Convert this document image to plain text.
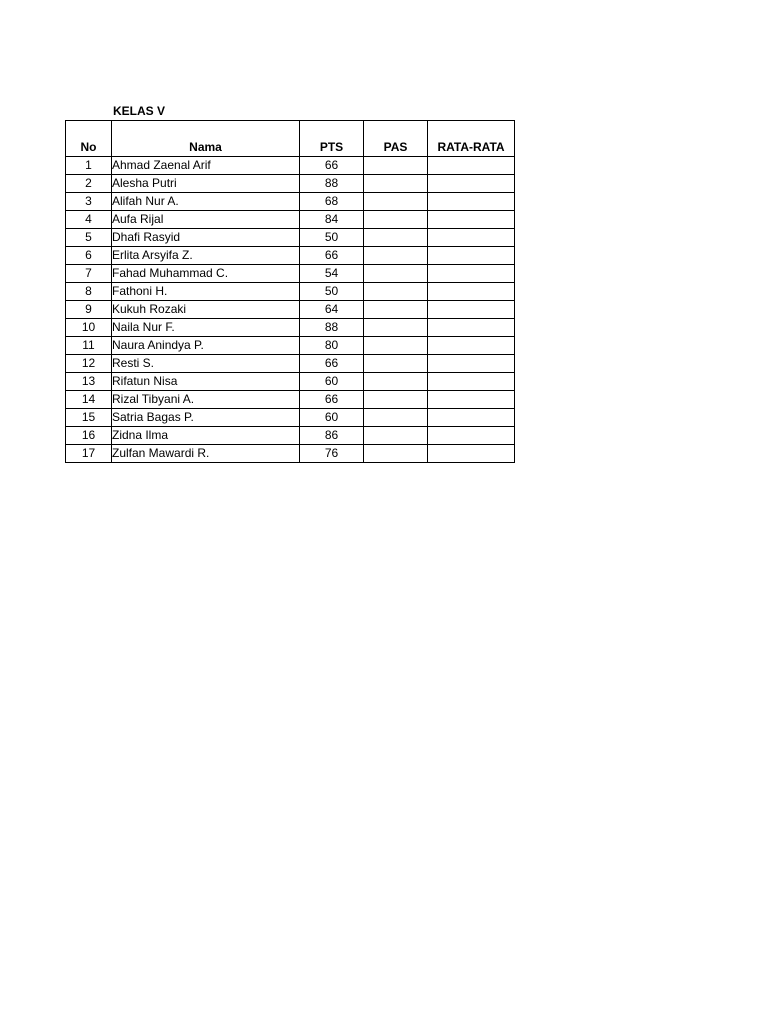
KELAS V
No	Nama	PTS	PAS	RATA-RATA
1	Ahmad Zaenal Arif	66		
2	Alesha Putri	88		
3	Alifah Nur A.	68		
4	Aufa Rijal	84		
5	Dhafi Rasyid	50		
6	Erlita Arsyifa Z.	66		
7	Fahad Muhammad C.	54		
8	Fathoni H.	50		
9	Kukuh Rozaki	64		
10	Naila Nur F.	88		
11	Naura Anindya P.	80		
12	Resti S.	66		
13	Rifatun Nisa	60		
14	Rizal Tibyani A.	66		
15	Satria Bagas P.	60		
16	Zidna Ilma	86		
17	Zulfan Mawardi R.	76		
